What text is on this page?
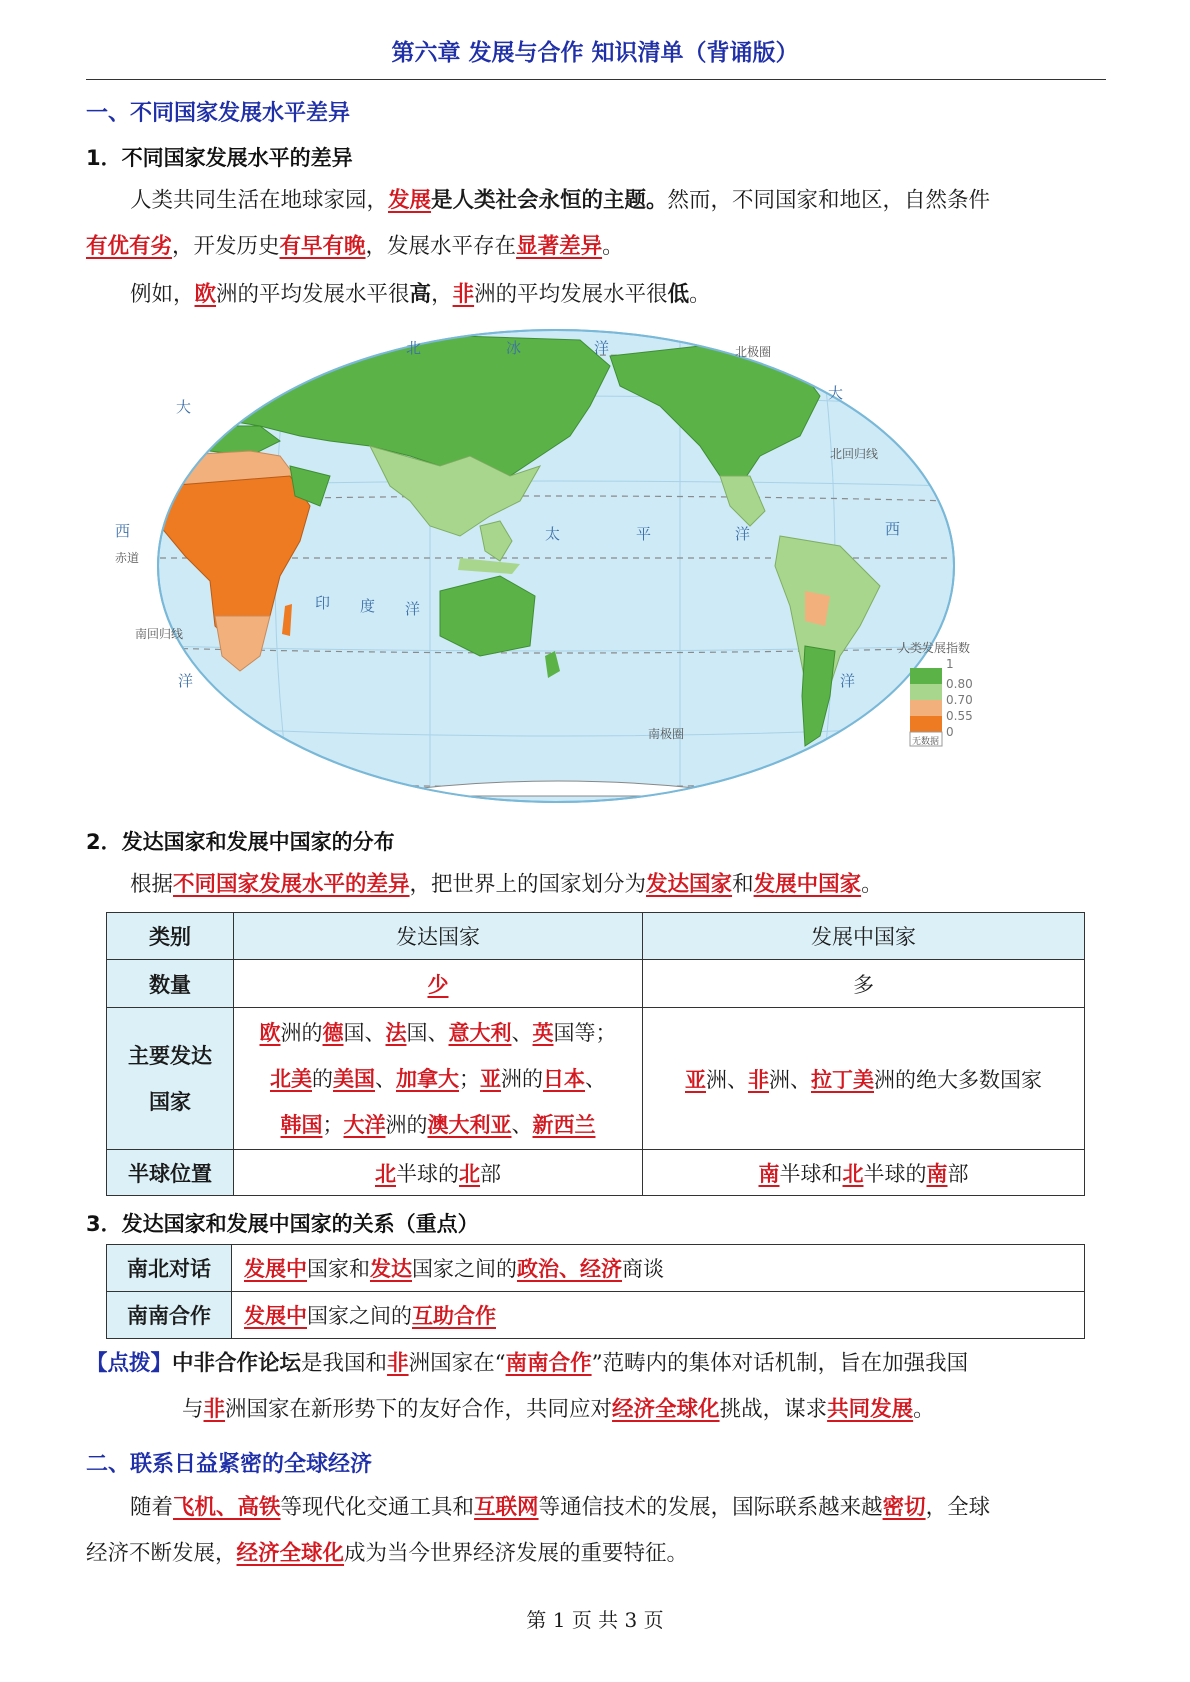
第六章 发展与合作 知识清单（背诵版）
一、不同国家发展水平差异
1．不同国家发展水平的差异
人类共同生活在地球家园，发展是人类社会永恒的主题。然而，不同国家和地区，自然条件
有优有劣，开发历史有早有晚，发展水平存在显著差异。
例如，欧洲的平均发展水平很高，非洲的平均发展水平很低。
北	冰	洋	北极圈
大
大
北回归线
西	西
赤道
太	平	洋
印 度 洋
南回归线
洋	洋
南极圈
人类发展指数
1
0.80
0.70
0.55
0
无数据
2．发达国家和发展中国家的分布
根据不同国家发展水平的差异，把世界上的国家划分为发达国家和发展中国家。
类别	发达国家	发展中国家
数量	少	多
主要发达
国家	欧洲的德国、法国、意大利、英国等；
北美的美国、加拿大；亚洲的日本、
韩国；大洋洲的澳大利亚、新西兰	亚洲、非洲、拉丁美洲的绝大多数国家
半球位置	北半球的北部	南半球和北半球的南部
3．发达国家和发展中国家的关系（重点）
南北对话	发展中国家和发达国家之间的政治、经济商谈
南南合作	发展中国家之间的互助合作
【点拨】中非合作论坛是我国和非洲国家在“南南合作”范畴内的集体对话机制，旨在加强我国
与非洲国家在新形势下的友好合作，共同应对经济全球化挑战，谋求共同发展。
二、联系日益紧密的全球经济
随着飞机、高铁等现代化交通工具和互联网等通信技术的发展，国际联系越来越密切，全球
经济不断发展，经济全球化成为当今世界经济发展的重要特征。
第 1 页 共 3 页
